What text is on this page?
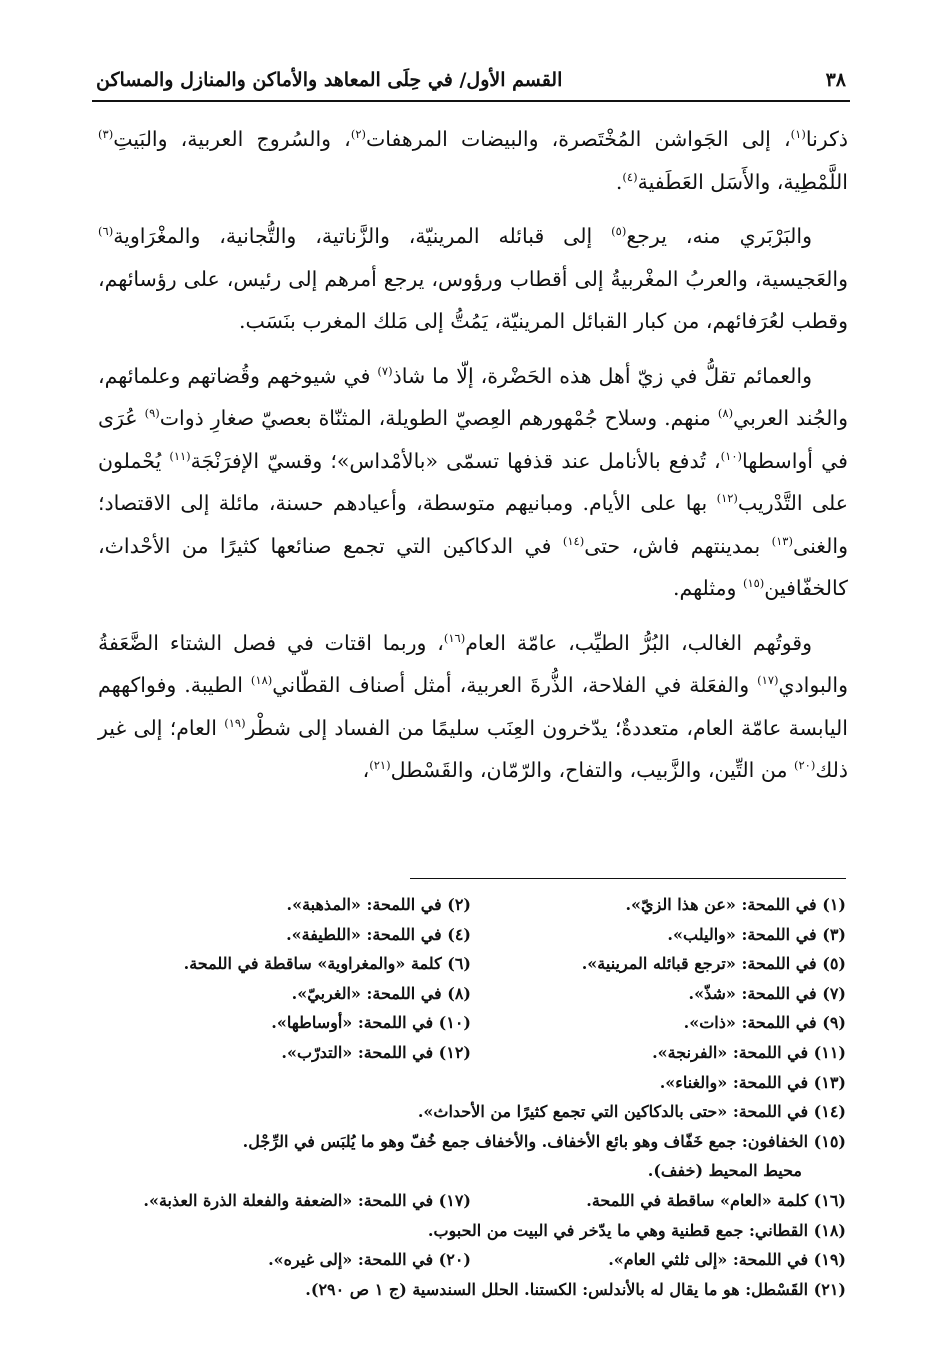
٣٨
القسم الأول/ في حِلَى المعاهد والأماكن والمنازل والمساكن

ذكرنا$^{(١)}$، إلى الجَواشن المُخْتَصرة، والبيضات المرهفات$^{(٢)}$، والسُروج العربية، والبَيتِ$^{(٣)}$ اللَّمْطِية، والأَسَل العَطَفية$^{(٤)}$.

والبَرْبَري منه، يرجع$^{(٥)}$ إلى قبائله المرينيّة، والزَّناتية، والتُّجانية، والمغْرَاوية$^{(٦)}$ والعَجيسية، والعربُ المغْربيةُ إلى أقطاب ورؤوس، يرجع أمرهم إلى رئيس، على رؤسائهم، وقطب لعُرَفائهم، من كبار القبائل المرينيّة، يَمُتُّ إلى مَلك المغرب بنَسَب.

والعمائم تقلُّ في زيّ أهل هذه الحَضْرة، إلّا ما شاذ$^{(٧)}$ في شيوخهم وقُضاتهم وعلمائهم، والجُند العربي$^{(٨)}$ منهم. وسلاح جُمْهورهم العِصيّ الطويلة، المثنّاة بعصيّ صغارِ ذوات$^{(٩)}$ عُرَى في أواسطها$^{(١٠)}$، تُدفع بالأنامل عند قذفها تسمّى «بالأمْداس»؛ وقسيّ الإفرَنْجَة$^{(١١)}$ يُحْملون على التَّدْريب$^{(١٢)}$ بها على الأيام. ومبانيهم متوسطة، وأعيادهم حسنة، مائلة إلى الاقتصاد؛ والغنى$^{(١٣)}$ بمدينتهم فاش، حتى$^{(١٤)}$ في الدكاكين التي تجمع صنائعها كثيرًا من الأحْداث، كالخفّافين$^{(١٥)}$ ومثلهم.

وقوتُهم الغالب، البُرُّ الطيِّب، عامّة العام$^{(١٦)}$، وربما اقتات في فصل الشتاء الضَّعَفةُ والبوادي$^{(١٧)}$ والفعَلة في الفلاحة، الذُّرةَ العربية، أمثل أصناف القطّاني$^{(١٨)}$ الطيبة. وفواكههم اليابسة عامّة العام، متعددةٌ؛ يدّخرون العِنَب سليمًا من الفساد إلى شطْر$^{(١٩)}$ العام؛ إلى غير ذلك$^{(٢٠)}$ من التِّين، والزَّبيب، والتفاح، والرّمّان، والقَسْطل$^{(٢١)}$،

(١) في اللمحة: «عن هذا الزيّ».
(٢) في اللمحة: «المذهبة».
(٣) في اللمحة: «واليلب».
(٤) في اللمحة: «اللطيفة».
(٥) في اللمحة: «ترجع قبائله المرينية».
(٦) كلمة «والمغراوية» ساقطة في اللمحة.
(٧) في اللمحة: «شذّ».
(٨) في اللمحة: «الغربيّ».
(٩) في اللمحة: «ذات».
(١٠) في اللمحة: «أوساطها».
(١١) في اللمحة: «الفرنجة».
(١٢) في اللمحة: «التدرّب».
(١٣) في اللمحة: «والغناء».
(١٤) في اللمحة: «حتى بالدكاكين التي تجمع كثيرًا من الأحداث».
(١٥) الخفافون: جمع خَفّاف وهو بائع الأخفاف. والأخفاف جمع خُفّ وهو ما يُلبَس في الرِّجْل.
محيط المحيط (خفف).
(١٦) كلمة «العام» ساقطة في اللمحة.
(١٧) في اللمحة: «الضعفة والفعلة الذرة العذبة».
(١٨) القطاني: جمع قطنية وهي ما يدّخر في البيت من الحبوب.
(١٩) في اللمحة: «إلى ثلثي العام».
(٢٠) في اللمحة: «إلى غيره».
(٢١) القَسْطل: هو ما يقال له بالأندلس: الكستنا. الحلل السندسية (ج ١ ص ٢٩٠).
